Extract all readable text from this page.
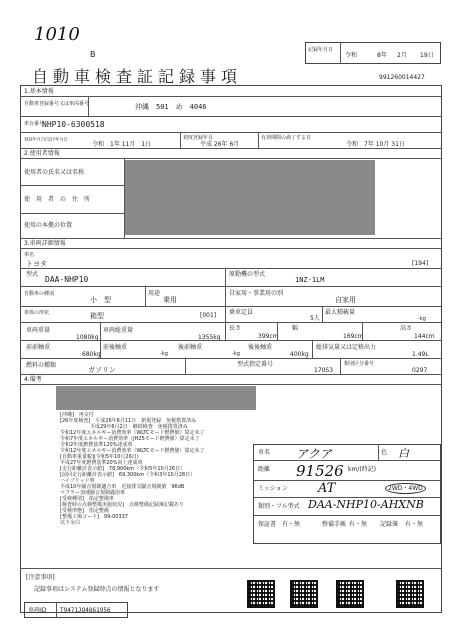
1010
B	記録年月日
令和	8年 2月 19日
自動車検査証記録事項	991260014427
1.基本情報
自動車登録番号又は車両番号	沖縄　501　め　4046
車台番号
NHP10-6300518
登録年月日/交付年月日
令和　1年 11月　1日
初度登録年月
平成 26年 6月
有効期間の満了する日
令和　7年 10月 31日
2.使用者情報
使用者の氏名又は名称
使　用　者　の　住　所
使用の本拠の位置
3.車両詳細情報
車名
トヨタ	[194]
型式
DAA-NHP10
原動機の型式
1NZ-1LM
自動車の種別
小　型
用途
乗用
自家用・事業用の別
自家用
車体の形状	箱型	[001] 乗車定員
5人
最大積載量
-kg
車両重量
1080kg
車両総重量
1355kg
長さ
399cm
幅
169cm
高さ
144cm
前前軸重
680kg
前後軸重
-kg
後前軸重
-kg
後後軸重
400kg
総排気量又は定格出力
1.49L
燃料の種類
ガソリン
型式指定番号
17053
類別区分番号
0297
4.備考
[沖縄]　再交付
[26年度検査]　平成26年6月11日　新規登録　免税措置済み
　　　　　　平成29年6月2日　継続検査　免税措置済み
令和12年度エネルギー消費効率（WLTCモード燃費値）算定未了
令和7年度エネルギー消費効率（JH25モード燃費値）算定未了
令和2年度燃費基準120%達成車
令和12年度エネルギー消費効率（WLTCモード燃費値）算定未了
[自動車重量税](令和5年10月26日)
平成27年度燃費基準20%向上達成車
[走行距離計表示値]　78,900km（令和5年10月26日）
[前回走行距離計表示値]　69,300km（令和3年10月28日）
ハイブリッド車
平成10年騒音規制適合車　近接排気騒音規制値　96dB
マフラー加速騒音規制適用車
[受検種別]　指定整備車
[検査時の点検整備実施状況]　点検整備記録簿記載あり
[受検形態]　指定整備
[整備工場コード]　99-00337
以下余白
車名 アクア	色 白
距離 91526 km/(時記)
ミッション AT	2WD・4WD
類別・フル型式 DAA-NHP10-AHXNB
保証書 有・無	整備手帳 有・無 記録簿 有・無
[注意事項]
記録事項はシステム登録時点の情報となります
車両ID T9471JQ4861956
